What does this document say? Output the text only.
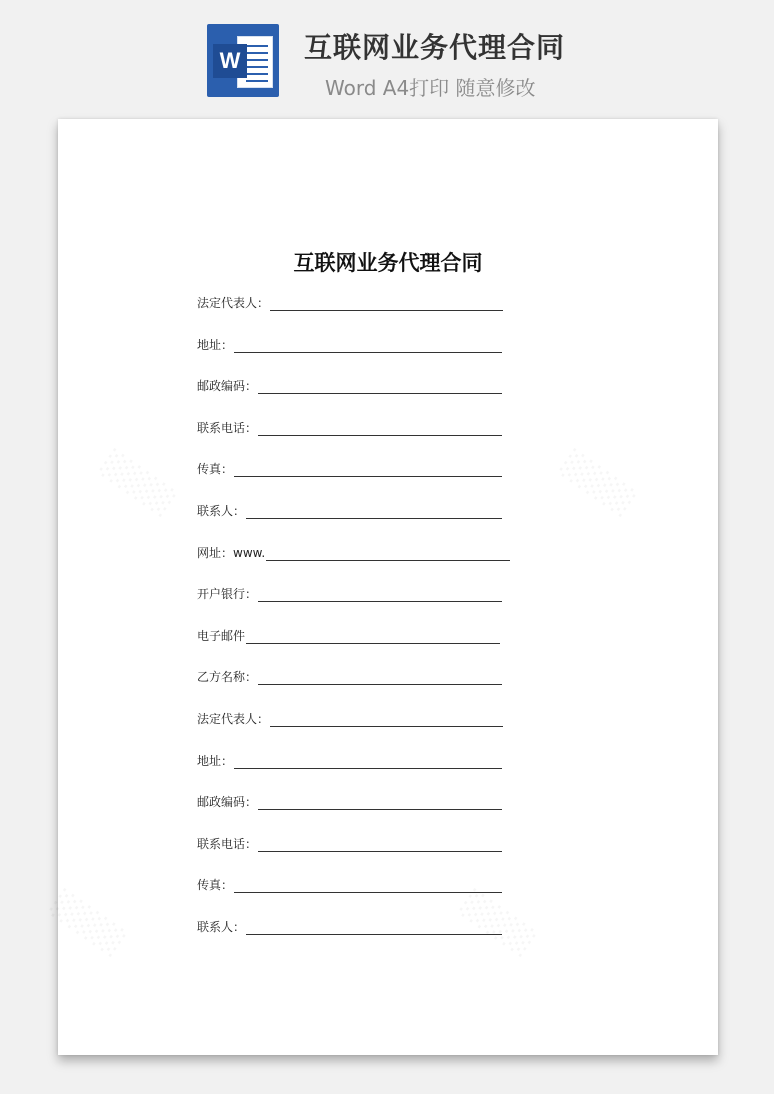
W 互联网业务代理合同
Word A4打印 随意修改
互联网业务代理合同
法定代表人：
地址：
邮政编码：
联系电话：
传真：
联系人：
网址：www.
开户银行：
电子邮件
乙方名称：
法定代表人：
地址：
邮政编码：
联系电话：
传真：
联系人：
